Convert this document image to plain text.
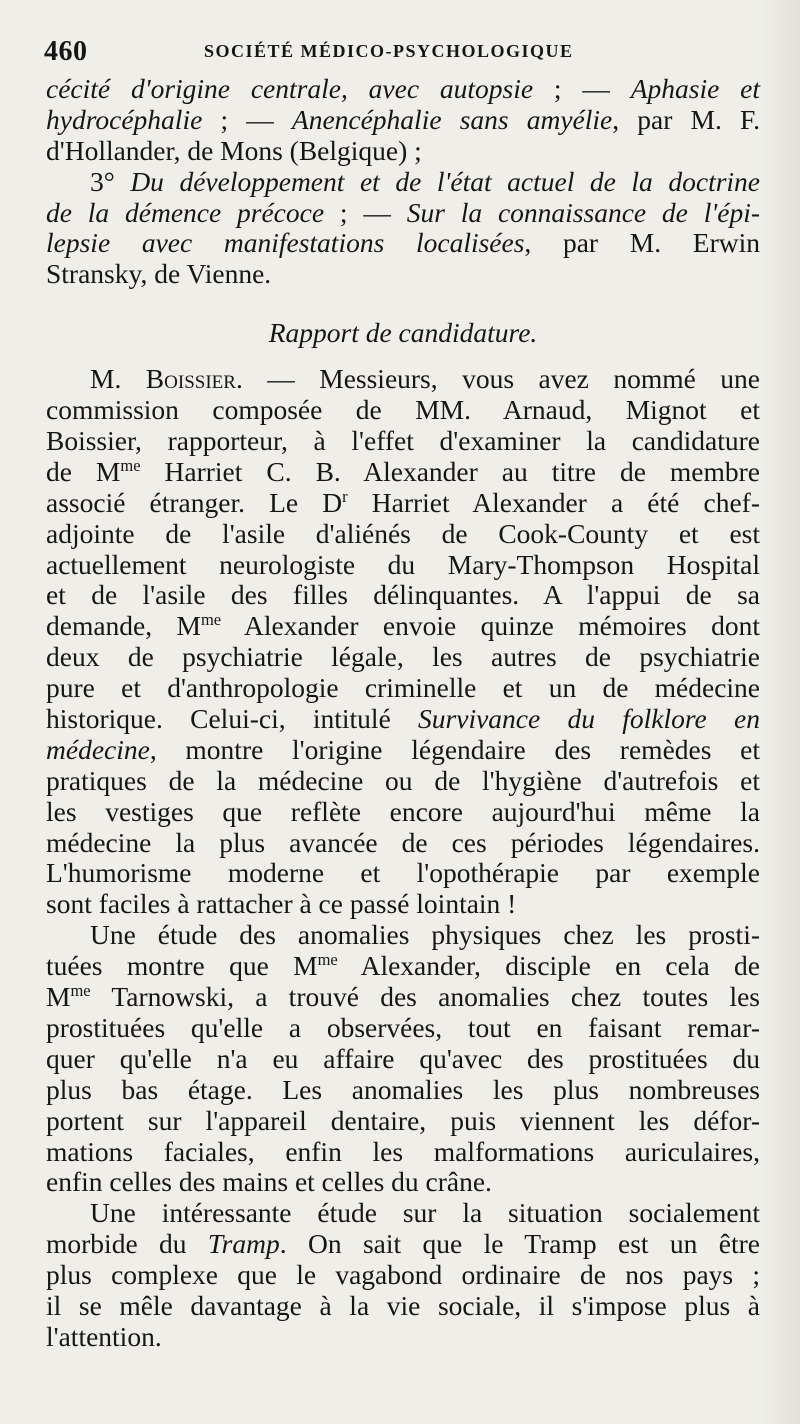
460	SOCIÉTÉ MÉDICO-PSYCHOLOGIQUE
cécité d'origine centrale, avec autopsie ; — Aphasie et
hydrocéphalie ; — Anencéphalie sans amyélie, par M. F.
d'Hollander, de Mons (Belgique) ;
3° Du développement et de l'état actuel de la doctrine
de la démence précoce ; — Sur la connaissance de l'épi-
lepsie avec manifestations localisées, par M. Erwin
Stransky, de Vienne.
Rapport de candidature.
M. Boissier. — Messieurs, vous avez nommé une
commission composée de MM. Arnaud, Mignot et
Boissier, rapporteur, à l'effet d'examiner la candidature
de $M^{me}$ Harriet C. B. Alexander au titre de membre
associé étranger. Le $D^r$ Harriet Alexander a été chef-
adjointe de l'asile d'aliénés de Cook-County et est
actuellement neurologiste du Mary-Thompson Hospital
et de l'asile des filles délinquantes. A l'appui de sa
demande, $M^{me}$ Alexander envoie quinze mémoires dont
deux de psychiatrie légale, les autres de psychiatrie
pure et d'anthropologie criminelle et un de médecine
historique. Celui-ci, intitulé Survivance du folklore en
médecine, montre l'origine légendaire des remèdes et
pratiques de la médecine ou de l'hygiène d'autrefois et
les vestiges que reflète encore aujourd'hui même la
médecine la plus avancée de ces périodes légendaires.
L'humorisme moderne et l'opothérapie par exemple
sont faciles à rattacher à ce passé lointain !
Une étude des anomalies physiques chez les prosti-
tuées montre que $M^{me}$ Alexander, disciple en cela de
$M^{me}$ Tarnowski, a trouvé des anomalies chez toutes les
prostituées qu'elle a observées, tout en faisant remar-
quer qu'elle n'a eu affaire qu'avec des prostituées du
plus bas étage. Les anomalies les plus nombreuses
portent sur l'appareil dentaire, puis viennent les défor-
mations faciales, enfin les malformations auriculaires,
enfin celles des mains et celles du crâne.
Une intéressante étude sur la situation socialement
morbide du Tramp. On sait que le Tramp est un être
plus complexe que le vagabond ordinaire de nos pays ;
il se mêle davantage à la vie sociale, il s'impose plus à
l'attention.
